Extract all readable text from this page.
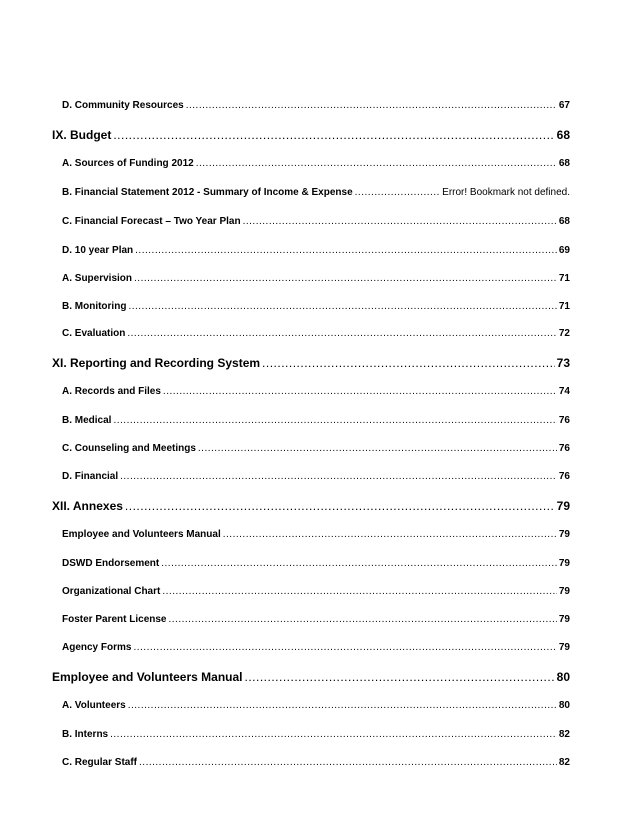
D. Community Resources .....	67
IX. Budget .....	68
A. Sources of Funding 2012 .....	68
B. Financial Statement 2012 - Summary of Income & Expense .....	Error! Bookmark not defined.
C. Financial Forecast – Two Year Plan .....	68
D. 10 year Plan .....	69
A. Supervision .....	71
B. Monitoring .....	71
C. Evaluation .....	72
XI. Reporting and Recording System .....	73
A. Records and Files .....	74
B. Medical .....	76
C. Counseling and Meetings .....	76
D. Financial .....	76
XII. Annexes .....	79
Employee and Volunteers Manual .....	79
DSWD Endorsement .....	79
Organizational Chart .....	79
Foster Parent License .....	79
Agency Forms .....	79
Employee and Volunteers Manual .....	80
A. Volunteers .....	80
B. Interns .....	82
C. Regular Staff .....	82
